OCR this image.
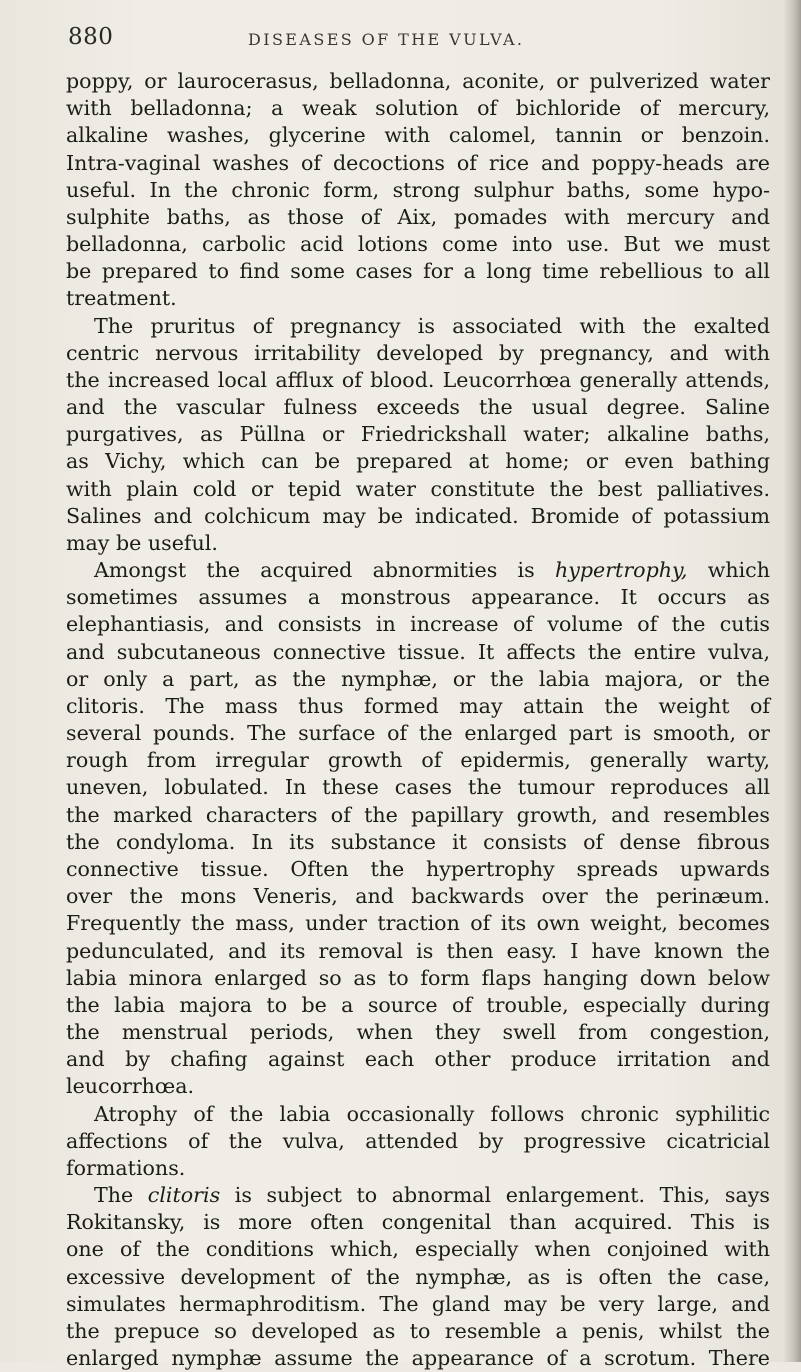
880	DISEASES OF THE VULVA.
poppy, or laurocerasus, belladonna, aconite, or pulverized water
with belladonna; a weak solution of bichloride of mercury,
alkaline washes, glycerine with calomel, tannin or benzoin.
Intra-vaginal washes of decoctions of rice and poppy-heads are
useful. In the chronic form, strong sulphur baths, some hypo-
sulphite baths, as those of Aix, pomades with mercury and
belladonna, carbolic acid lotions come into use. But we must
be prepared to find some cases for a long time rebellious to all
treatment.
The pruritus of pregnancy is associated with the exalted
centric nervous irritability developed by pregnancy, and with
the increased local afflux of blood. Leucorrhœa generally attends,
and the vascular fulness exceeds the usual degree. Saline
purgatives, as Püllna or Friedrickshall water; alkaline baths,
as Vichy, which can be prepared at home; or even bathing
with plain cold or tepid water constitute the best palliatives.
Salines and colchicum may be indicated. Bromide of potassium
may be useful.
Amongst the acquired abnormities is hypertrophy, which
sometimes assumes a monstrous appearance. It occurs as
elephantiasis, and consists in increase of volume of the cutis
and subcutaneous connective tissue. It affects the entire vulva,
or only a part, as the nymphæ, or the labia majora, or the
clitoris. The mass thus formed may attain the weight of
several pounds. The surface of the enlarged part is smooth, or
rough from irregular growth of epidermis, generally warty,
uneven, lobulated. In these cases the tumour reproduces all
the marked characters of the papillary growth, and resembles
the condyloma. In its substance it consists of dense fibrous
connective tissue. Often the hypertrophy spreads upwards
over the mons Veneris, and backwards over the perinæum.
Frequently the mass, under traction of its own weight, becomes
pedunculated, and its removal is then easy. I have known the
labia minora enlarged so as to form flaps hanging down below
the labia majora to be a source of trouble, especially during
the menstrual periods, when they swell from congestion,
and by chafing against each other produce irritation and
leucorrhœa.
Atrophy of the labia occasionally follows chronic syphilitic
affections of the vulva, attended by progressive cicatricial
formations.
The clitoris is subject to abnormal enlargement. This, says
Rokitansky, is more often congenital than acquired. This is
one of the conditions which, especially when conjoined with
excessive development of the nymphæ, as is often the case,
simulates hermaphroditism. The gland may be very large, and
the prepuce so developed as to resemble a penis, whilst the
enlarged nymphæ assume the appearance of a scrotum. There
